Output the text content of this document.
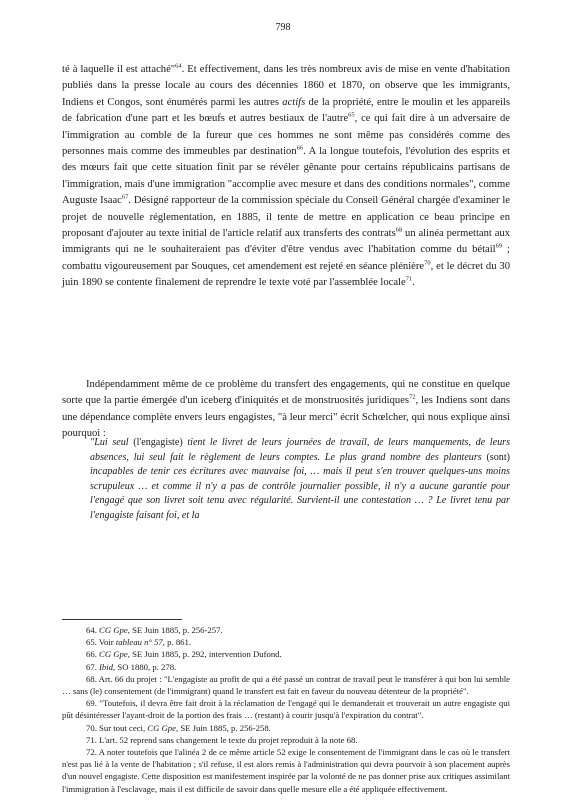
798

té à laquelle il est attaché"$^{64}$. Et effectivement, dans les très nombreux avis de mise en vente d'habitation publiés dans la presse locale au cours des décennies 1860 et 1870, on observe que les immigrants, Indiens et Congos, sont énumérés parmi les autres actifs de la propriété, entre le moulin et les appareils de fabrication d'une part et les bœufs et autres bestiaux de l'autre$^{65}$, ce qui fait dire à un adversaire de l'immigration au comble de la fureur que ces hommes ne sont même pas considérés comme des personnes mais comme des immeubles par destination$^{66}$. A la longue toutefois, l'évolution des esprits et des mœurs fait que cette situation finit par se révéler gênante pour certains républicains partisans de l'immigration, mais d'une immigration "accomplie avec mesure et dans des conditions normales", comme Auguste Isaac$^{67}$. Désigné rapporteur de la commission spéciale du Conseil Général chargée d'examiner le projet de nouvelle réglementation, en 1885, il tente de mettre en application ce beau principe en proposant d'ajouter au texte initial de l'article relatif aux transferts des contrats$^{68}$ un alinéa permettant aux immigrants qui ne le souhaiteraient pas d'éviter d'être vendus avec l'habitation comme du bétail$^{69}$ ; combattu vigoureusement par Souques, cet amendement est rejeté en séance plénière$^{70}$, et le décret du 30 juin 1890 se contente finalement de reprendre le texte voté par l'assemblée locale$^{71}$.

Indépendamment même de ce problème du transfert des engagements, qui ne constitue en quelque sorte que la partie émergée d'un iceberg d'iniquités et de monstruosités juridiques$^{72}$, les Indiens sont dans une dépendance complète envers leurs engagistes, "à leur merci" écrit Schœlcher, qui nous explique ainsi pourquoi :

"Lui seul (l'engagiste) tient le livret de leurs journées de travail, de leurs manquements, de leurs absences, lui seul fait le règlement de leurs comptes. Le plus grand nombre des planteurs (sont) incapables de tenir ces écritures avec mauvaise foi, … mais il peut s'en trouver quelques-uns moins scrupuleux … et comme il n'y a pas de contrôle journalier possible, il n'y a aucune garantie pour l'engagé que son livret soit tenu avec régularité. Survient-il une contestation … ? Le livret tenu par l'engagiste faisant foi, et la

64. CG Gpe, SE Juin 1885, p. 256-257.
65. Voir tableau n° 57, p. 861.
66. CG Gpe, SE Juin 1885, p. 292, intervention Dufond.
67. Ibid, SO 1880, p. 278.
68. Art. 66 du projet : "L'engagiste au profit de qui a été passé un contrat de travail peut le transférer à qui bon lui semble … sans (le) consentement (de l'immigrant) quand le transfert est fait en faveur du nouveau détenteur de la propriété".
69. "Toutefois, il devra être fait droit à la réclamation de l'engagé qui le demanderait et trouverait un autre engagiste qui pût désintéresser l'ayant-droit de la portion des frais … (restant) à courir jusqu'à l'expiration du contrat".
70. Sur tout ceci, CG Gpe, SE Juin 1885, p. 256-258.
71. L'art. 52 reprend sans changement le texte du projet reproduit à la note 68.
72. A noter toutefois que l'alinéa 2 de ce même article 52 exige le consentement de l'immigrant dans le cas où le transfert n'est pas lié à la vente de l'habitation ; s'il refuse, il est alors remis à l'administration qui devra pourvoir à son placement auprès d'un nouvel engagiste. Cette disposition est manifestement inspirée par la volonté de ne pas donner prise aux critiques assimilant l'immigration à l'esclavage, mais il est difficile de savoir dans quelle mesure elle a été appliquée effectivement.
